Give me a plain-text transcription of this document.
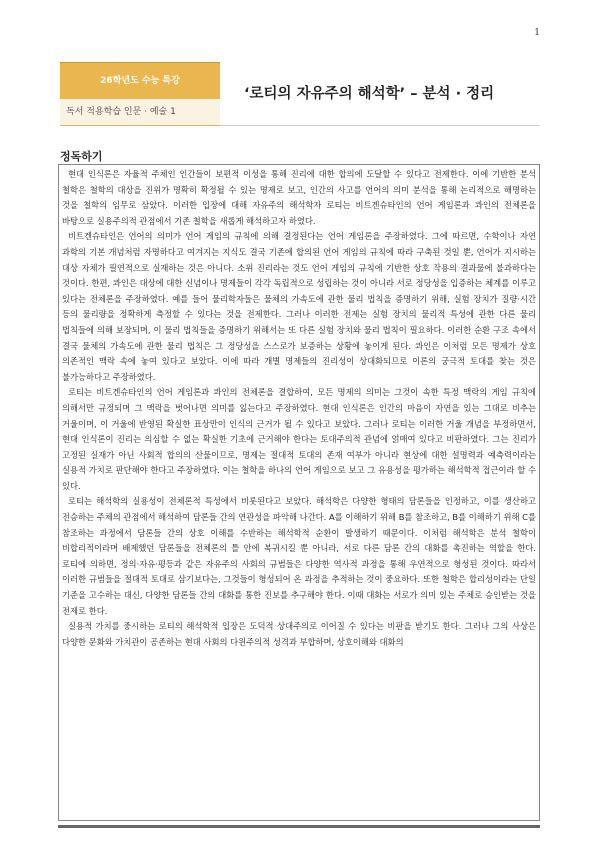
1
26학년도 수능 특강
독서 적용학습 인문 · 예술 1
‘로티의 자유주의 해석학’ – 분석 · 정리
정독하기

현대 인식론은 자율적 주체인 인간들이 보편적 이성을 통해 진리에 대한 합의에 도달할 수 있다고 전제한다. 이에 기반한 분석 철학은 철학의 대상을 진위가 명확히 확정될 수 있는 명제로 보고, 인간의 사고를 언어의 의미 분석을 통해 논리적으로 해명하는 것을 철학의 임무로 삼았다. 이러한 입장에 대해 자유주의 해석학자 로티는 비트겐슈타인의 언어 게임론과 콰인의 전체론을 바탕으로 실용주의적 관점에서 기존 철학을 새롭게 해석하고자 하였다.

비트겐슈타인은 언어의 의미가 언어 게임의 규칙에 의해 결정된다는 언어 게임론을 주장하였다. 그에 따르면, 수학이나 자연 과학의 기본 개념처럼 자명하다고 여겨지는 지식도 결국 기존에 합의된 언어 게임의 규칙에 따라 구축된 것일 뿐, 언어가 지시하는 대상 자체가 필연적으로 실재하는 것은 아니다. 소위 진리라는 것도 언어 게임의 규칙에 기반한 상호 작용의 결과물에 불과하다는 것이다. 한편, 콰인은 대상에 대한 신념이나 명제들이 각각 독립적으로 성립하는 것이 아니라 서로 정당성을 입증하는 체계를 이루고 있다는 전체론을 주장하였다. 예를 들어 물리학자들은 물체의 가속도에 관한 물리 법칙을 증명하기 위해, 실험 장치가 질량·시간 등의 물리량을 정확하게 측정할 수 있다는 것을 전제한다. 그러나 이러한 전제는 실험 장치의 물리적 특성에 관한 다른 물리 법칙들에 의해 보장되며, 이 물리 법칙들을 증명하기 위해서는 또 다른 실험 장치와 물리 법칙이 필요하다. 이러한 순환 구조 속에서 결국 물체의 가속도에 관한 물리 법칙은 그 정당성을 스스로가 보증하는 상황에 놓이게 된다. 콰인은 이처럼 모든 명제가 상호 의존적인 맥락 속에 놓여 있다고 보았다. 이에 따라 개별 명제들의 진리성이 상대화되므로 이론의 궁극적 토대를 찾는 것은 불가능하다고 주장하였다.

로티는 비트겐슈타인의 언어 게임론과 콰인의 전체론을 결합하여, 모든 명제의 의미는 그것이 속한 특정 맥락의 게임 규칙에 의해서만 규정되며 그 맥락을 벗어나면 의미를 잃는다고 주장하였다. 현대 인식론은 인간의 마음이 자연을 있는 그대로 비추는 거울이며, 이 거울에 반영된 확실한 표상만이 인식의 근거가 될 수 있다고 보았다. 그러나 로티는 이러한 거울 개념을 부정하면서, 현대 인식론이 진리는 의심할 수 없는 확실한 기초에 근거해야 한다는 토대주의적 관념에 얽매여 있다고 비판하였다. 그는 진리가 고정된 실재가 아닌 사회적 합의의 산물이므로, 명제는 절대적 토대의 존재 여부가 아니라 현상에 대한 설명력과 예측력이라는 실용적 가치로 판단해야 한다고 주장하였다. 이는 철학을 하나의 언어 게임으로 보고 그 유용성을 평가하는 해석학적 접근이라 할 수 있다.

로티는 해석학의 실용성이 전체론적 특성에서 비롯된다고 보았다. 해석학은 다양한 형태의 담론들을 인정하고, 이를 생산하고 전승하는 주체의 관점에서 해석하여 담론들 간의 연관성을 파악해 나간다. A를 이해하기 위해 B를 참조하고, B를 이해하기 위해 C를 참조하는 과정에서 담론들 간의 상호 이해를 수반하는 해석학적 순환이 발생하기 때문이다. 이처럼 해석학은 분석 철학이 비합리적이라며 배제했던 담론들을 전체론의 틀 안에 복귀시킬 뿐 아니라, 서로 다른 담론 간의 대화를 촉진하는 역할을 한다. 로티에 의하면, 정의·자유·평등과 같은 자유주의 사회의 규범들은 다양한 역사적 과정을 통해 우연적으로 형성된 것이다. 따라서 이러한 규범들을 절대적 토대로 삼기보다는, 그것들이 형성되어 온 과정을 추적하는 것이 중요하다. 또한 철학은 합리성이라는 단일 기준을 고수하는 대신, 다양한 담론들 간의 대화를 통한 진보를 추구해야 한다. 이때 대화는 서로가 의미 있는 주체로 승인받는 것을 전제로 한다.

실용적 가치를 중시하는 로티의 해석학적 입장은 도덕적 상대주의로 이어질 수 있다는 비판을 받기도 한다. 그러나 그의 사상은 다양한 문화와 가치관이 공존하는 현대 사회의 다원주의적 성격과 부합하며, 상호이해와 대화의
